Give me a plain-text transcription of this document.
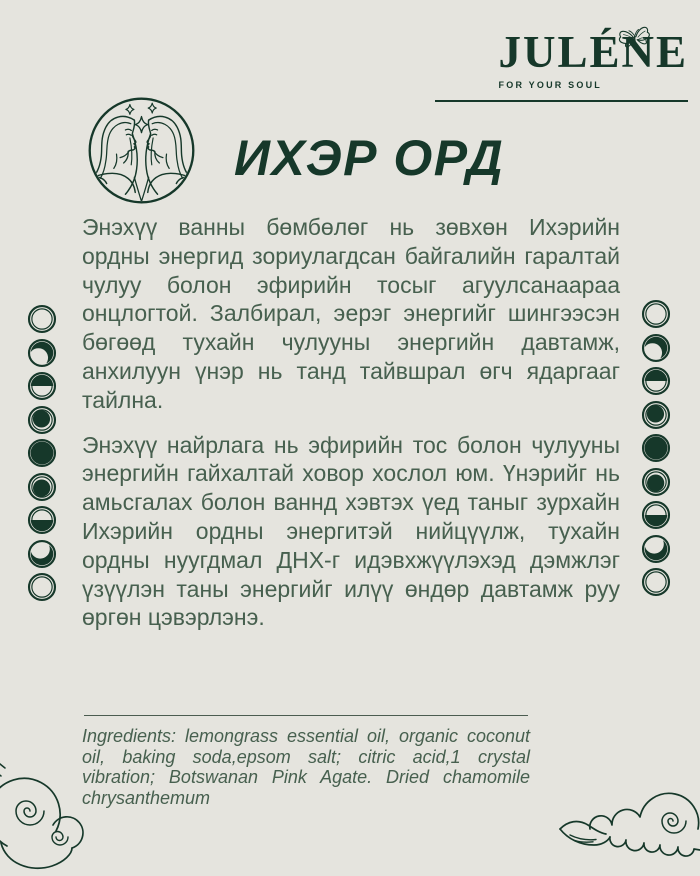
JULÉNE
FOR YOUR SOUL
ИХЭР ОРД

Энэхүү ванны бөмбөлөг нь зөвхөн Ихэрийн ордны энергид зориулагдсан байгалийн гаралтай чулуу болон эфирийн тосыг агуулсанаараа онцлогтой. Залбирал, эерэг энергийг шингээсэн бөгөөд тухайн чулууны энергийн давтамж, анхилуун үнэр нь танд тайвшрал өгч ядаргааг тайлна.

Энэхүү найрлага нь эфирийн тос болон чулууны энергийн гайхалтай ховор хослол юм. Үнэрийг нь амьсгалах болон ваннд хэвтэх үед таныг зурхайн Ихэрийн ордны энергитэй нийцүүлж, тухайн ордны нуугдмал ДНХ-г идэвхжүүлэхэд дэмжлэг үзүүлэн таны энергийг илүү өндөр давтамж руу өргөн цэвэрлэнэ.

Ingredients: lemongrass essential oil, organic coconut oil, baking soda,epsom salt; citric acid,1 crystal vibration; Botswanan Pink Agate. Dried chamomile chrysanthemum
